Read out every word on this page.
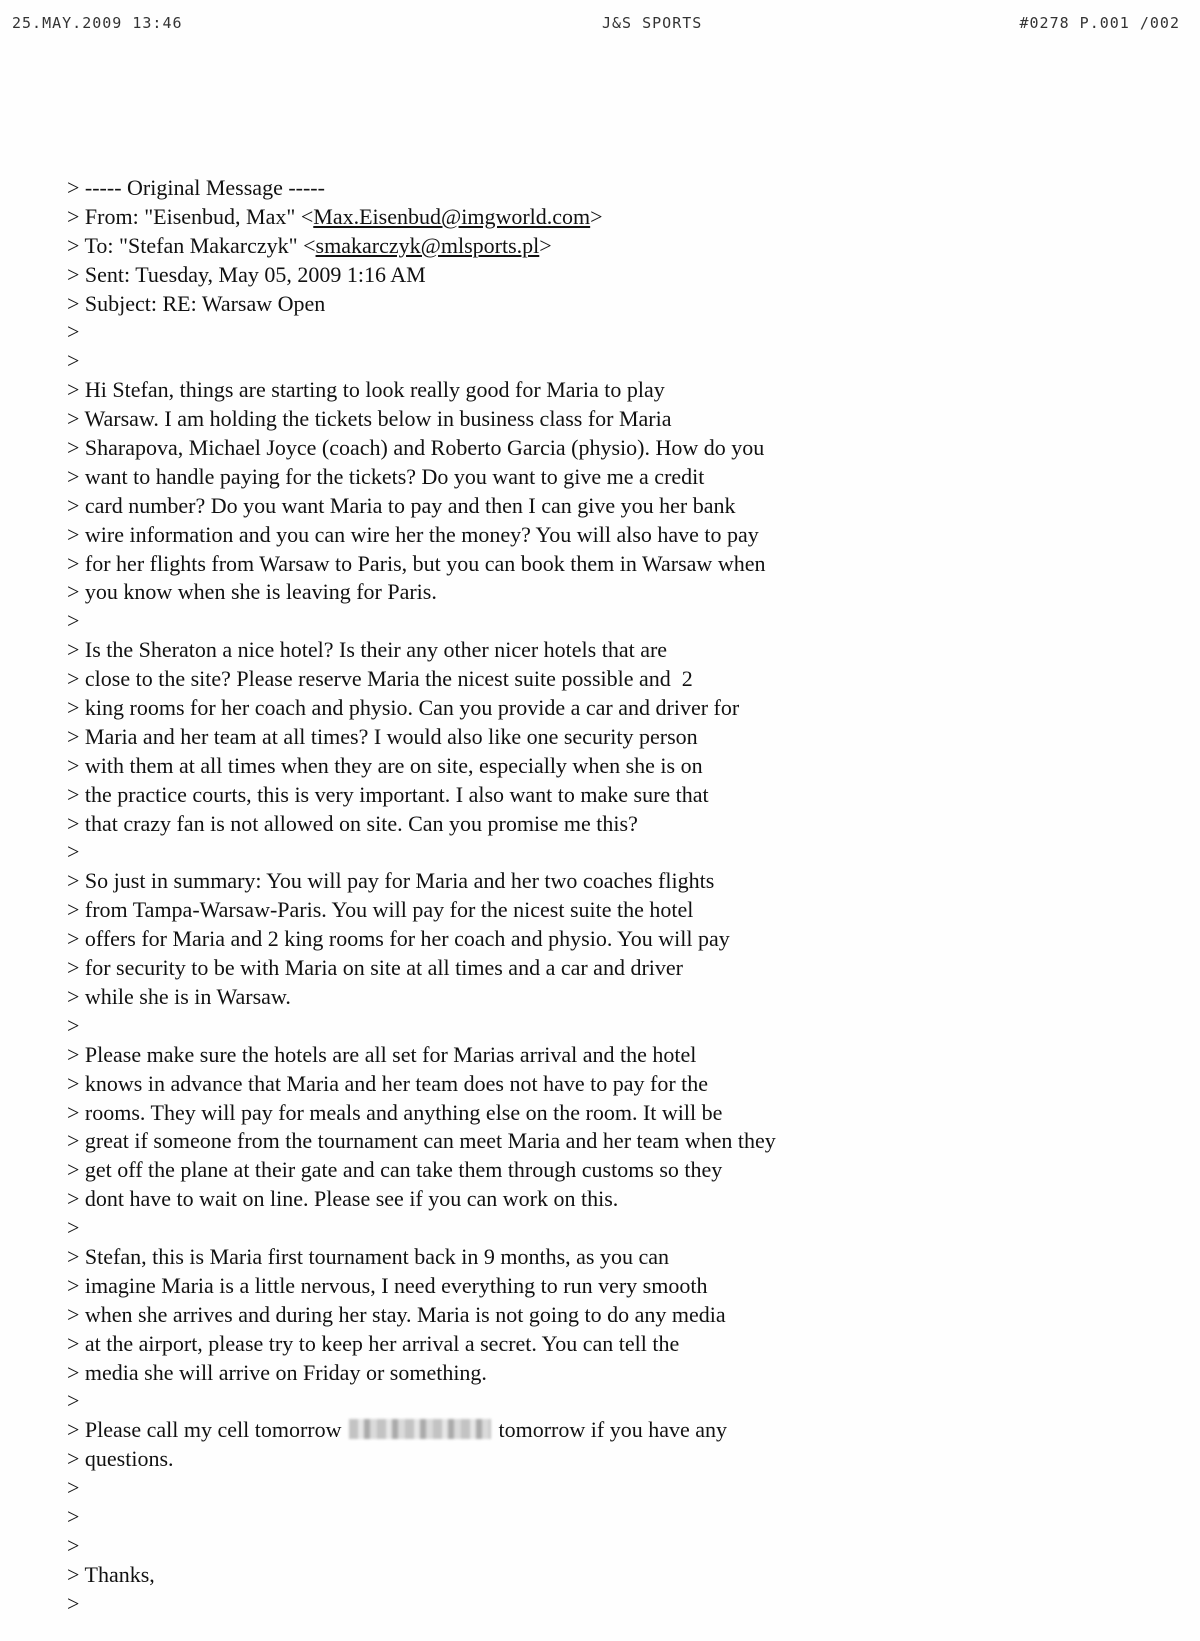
25.MAY.2009 13:46	J&S SPORTS	#0278 P.001 /002
> ----- Original Message -----
> From: "Eisenbud, Max" <Max.Eisenbud@imgworld.com>
> To: "Stefan Makarczyk" <smakarczyk@mlsports.pl>
> Sent: Tuesday, May 05, 2009 1:16 AM
> Subject: RE: Warsaw Open
>
>
> Hi Stefan, things are starting to look really good for Maria to play
> Warsaw. I am holding the tickets below in business class for Maria
> Sharapova, Michael Joyce (coach) and Roberto Garcia (physio). How do you
> want to handle paying for the tickets? Do you want to give me a credit
> card number? Do you want Maria to pay and then I can give you her bank
> wire information and you can wire her the money? You will also have to pay
> for her flights from Warsaw to Paris, but you can book them in Warsaw when
> you know when she is leaving for Paris.
>
> Is the Sheraton a nice hotel? Is their any other nicer hotels that are
> close to the site? Please reserve Maria the nicest suite possible and  2
> king rooms for her coach and physio. Can you provide a car and driver for
> Maria and her team at all times? I would also like one security person
> with them at all times when they are on site, especially when she is on
> the practice courts, this is very important. I also want to make sure that
> that crazy fan is not allowed on site. Can you promise me this?
>
> So just in summary: You will pay for Maria and her two coaches flights
> from Tampa-Warsaw-Paris. You will pay for the nicest suite the hotel
> offers for Maria and 2 king rooms for her coach and physio. You will pay
> for security to be with Maria on site at all times and a car and driver
> while she is in Warsaw.
>
> Please make sure the hotels are all set for Marias arrival and the hotel
> knows in advance that Maria and her team does not have to pay for the
> rooms. They will pay for meals and anything else on the room. It will be
> great if someone from the tournament can meet Maria and her team when they
> get off the plane at their gate and can take them through customs so they
> dont have to wait on line. Please see if you can work on this.
>
> Stefan, this is Maria first tournament back in 9 months, as you can
> imagine Maria is a little nervous, I need everything to run very smooth
> when she arrives and during her stay. Maria is not going to do any media
> at the airport, please try to keep her arrival a secret. You can tell the
> media she will arrive on Friday or something.
>
> Please call my cell tomorrow	tomorrow if you have any
> questions.
>
>
>
> Thanks,
>
